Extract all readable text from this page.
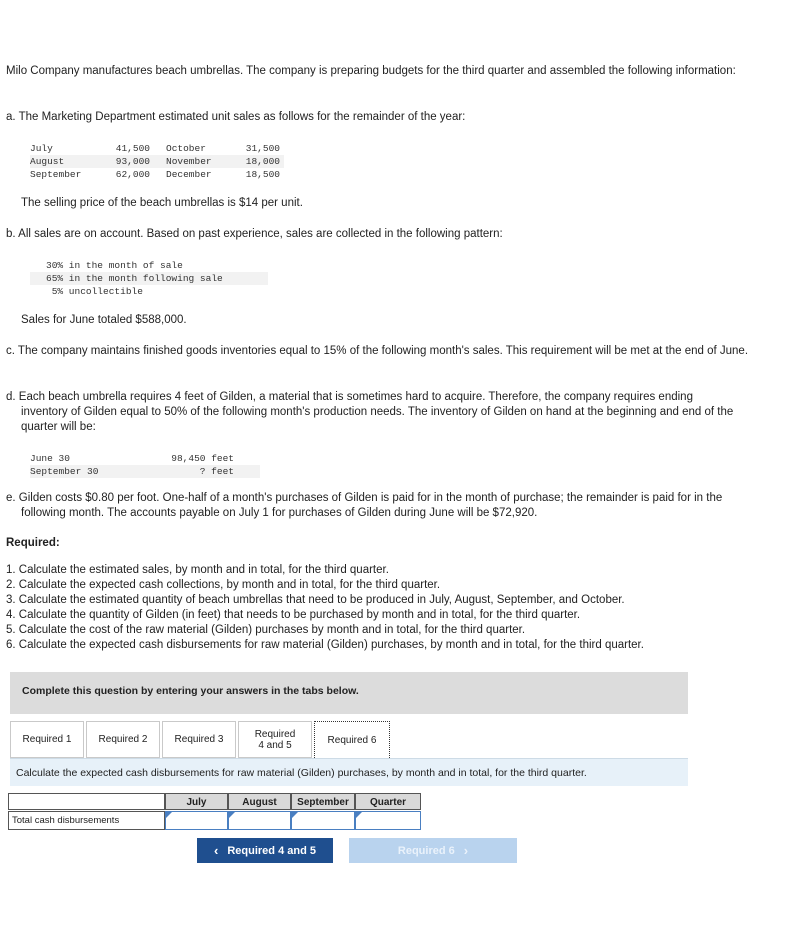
Milo Company manufactures beach umbrellas. The company is preparing budgets for the third quarter and assembled the following information:
a. The Marketing Department estimated unit sales as follows for the remainder of the year:
July	41,500		October	31,500
August	93,000		November	18,000
September	62,000		December	18,500
The selling price of the beach umbrellas is $14 per unit.
b. All sales are on account. Based on past experience, sales are collected in the following pattern:
30% in the month of sale
65% in the month following sale
5% uncollectible
Sales for June totaled $588,000.
c. The company maintains finished goods inventories equal to 15% of the following month's sales. This requirement will be met at the end of June.
d. Each beach umbrella requires 4 feet of Gilden, a material that is sometimes hard to acquire. Therefore, the company requires ending inventory of Gilden equal to 50% of the following month's production needs. The inventory of Gilden on hand at the beginning and end of the quarter will be:
June 30	98,450 feet
September 30	? feet
e. Gilden costs $0.80 per foot. One-half of a month's purchases of Gilden is paid for in the month of purchase; the remainder is paid for in the following month. The accounts payable on July 1 for purchases of Gilden during June will be $72,920.
Required:
1. Calculate the estimated sales, by month and in total, for the third quarter.
2. Calculate the expected cash collections, by month and in total, for the third quarter.
3. Calculate the estimated quantity of beach umbrellas that need to be produced in July, August, September, and October.
4. Calculate the quantity of Gilden (in feet) that needs to be purchased by month and in total, for the third quarter.
5. Calculate the cost of the raw material (Gilden) purchases by month and in total, for the third quarter.
6. Calculate the expected cash disbursements for raw material (Gilden) purchases, by month and in total, for the third quarter.
Complete this question by entering your answers in the tabs below.
Required 1	Required 2	Required 3	Required 4 and 5	Required 6
Calculate the expected cash disbursements for raw material (Gilden) purchases, by month and in total, for the third quarter.
July	August	September	Quarter
Total cash disbursements
‹ Required 4 and 5	Required 6 ›
